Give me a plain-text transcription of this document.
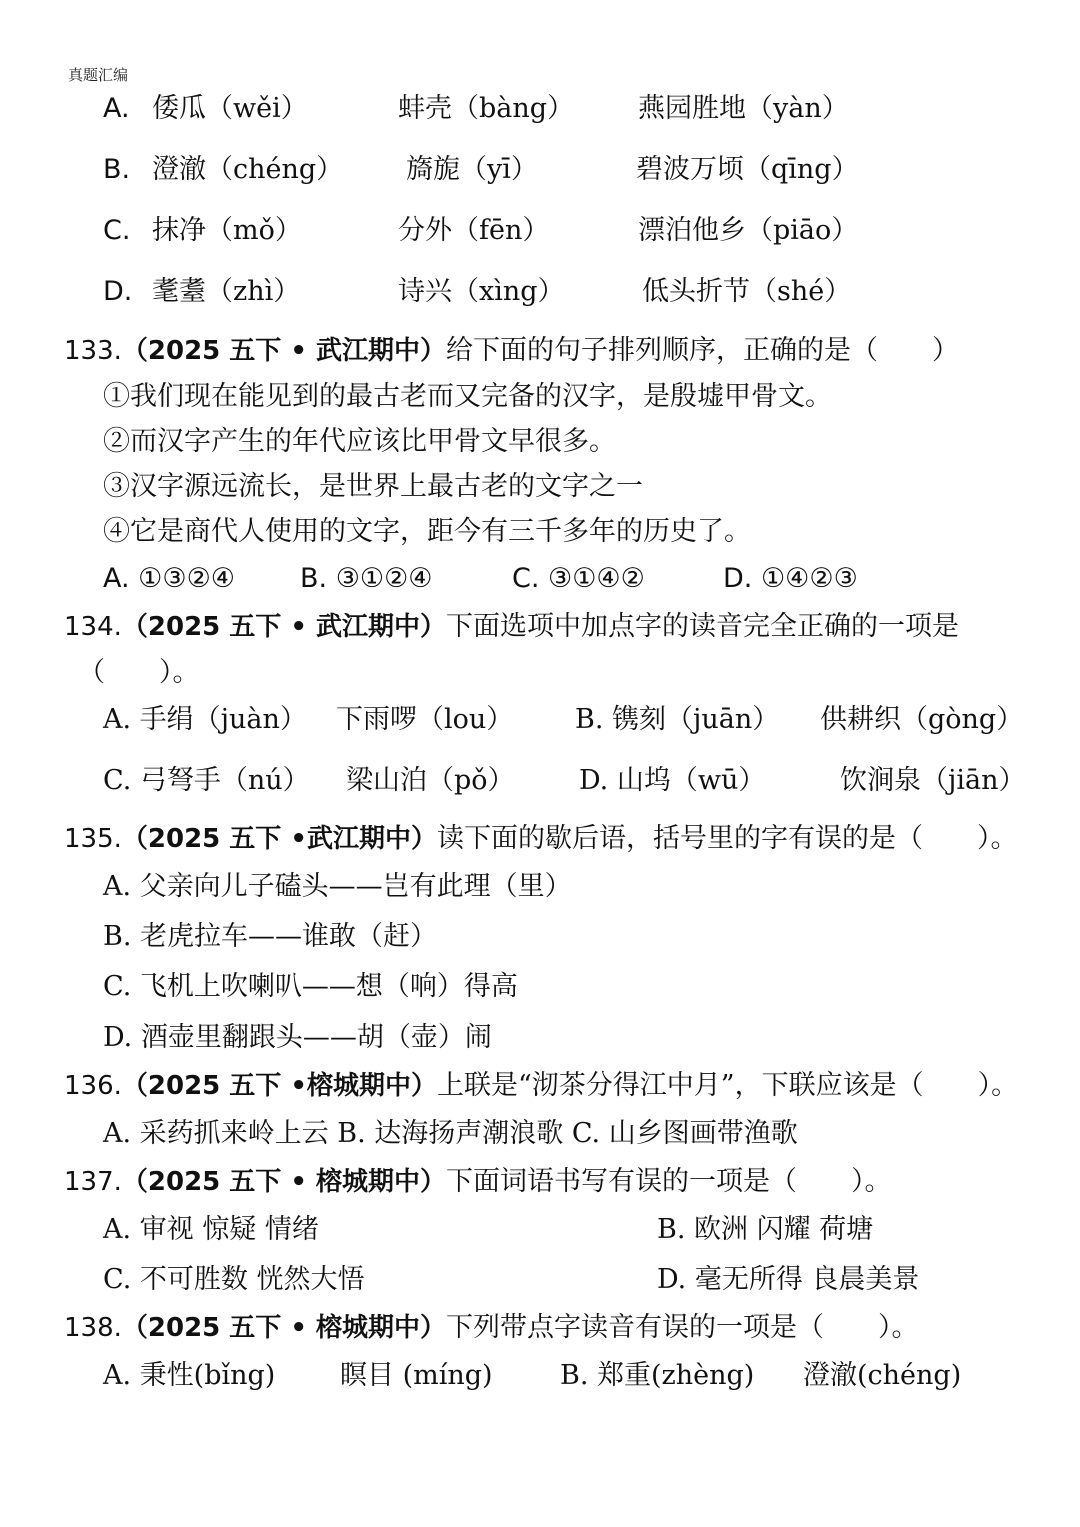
真题汇编
A. 倭瓜（wěi）	蚌壳（bàng） 燕园胜地（yàn）
B. 澄澈（chéng） 旖旎（yī）	碧波万顷（qīng）
C. 抹净（mǒ）	分外（fēn）	漂泊他乡（piāo）
D. 耄耋（zhì）	诗兴（xìng）	低头折节（shé）
133.（2025 五下 • 武江期中）给下面的句子排列顺序，正确的是（　　）
①我们现在能见到的最古老而又完备的汉字，是殷墟甲骨文。
②而汉字产生的年代应该比甲骨文早很多。
③汉字源远流长，是世界上最古老的文字之一
④它是商代人使用的文字，距今有三千多年的历史了。
A. ①③②④ B. ③①②④	C. ③①④②	D. ①④②③
134.（2025 五下 • 武江期中）下面选项中加点字的读音完全正确的一项是
（　　）。
A. 手绢（juàn） 下雨啰（lou） B. 镌刻（juān） 供耕织（gòng）
C. 弓弩手（nú） 梁山泊（pǒ） D. 山坞（wū）	饮涧泉（jiān）
135.（2025 五下 •武江期中）读下面的歇后语，括号里的字有误的是（　　）。
A. 父亲向儿子磕头——岂有此理（里）
B. 老虎拉车——谁敢（赶）
C. 飞机上吹喇叭——想（响）得高
D. 酒壶里翻跟头——胡（壶）闹
136.（2025 五下 •榕城期中）上联是“沏茶分得江中月”，下联应该是（　　）。
A. 采药抓来岭上云 B. 达海扬声潮浪歌 C. 山乡图画带渔歌
137.（2025 五下 • 榕城期中）下面词语书写有误的一项是（　　）。
A. 审视 惊疑 情绪	B. 欧洲 闪耀 荷塘
C. 不可胜数 恍然大悟	D. 毫无所得 良晨美景
138.（2025 五下 • 榕城期中）下列带点字读音有误的一项是（　　）。
A. 秉性(bǐng) 瞑目 (míng) B. 郑重(zhèng) 澄澈(chéng)
